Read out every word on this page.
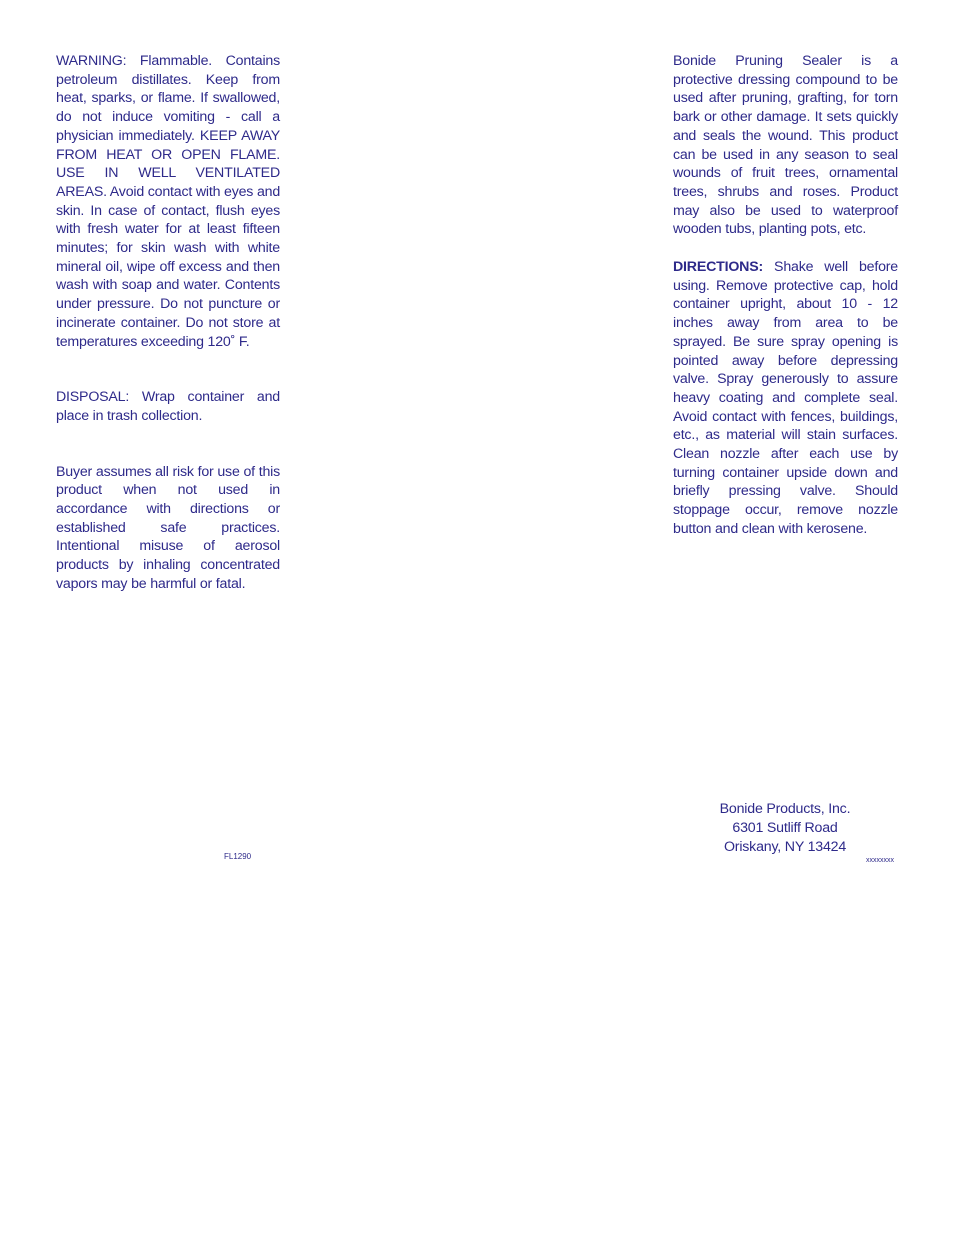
WARNING: Flammable. Contains petroleum distillates. Keep from heat, sparks, or flame. If swallowed, do not induce vomiting - call a physician immediately. KEEP AWAY FROM HEAT OR OPEN FLAME. USE IN WELL VENTILATED AREAS. Avoid contact with eyes and skin. In case of contact, flush eyes with fresh water for at least fifteen minutes; for skin wash with white mineral oil, wipe off excess and then wash with soap and water. Contents under pressure. Do not puncture or incinerate container. Do not store at temperatures exceeding 120˚ F.

DISPOSAL: Wrap container and place in trash collection.

Buyer assumes all risk for use of this product when not used in accordance with directions or established safe practices. Intentional misuse of aerosol products by inhaling concentrated vapors may be harmful or fatal.

Bonide Pruning Sealer is a protective dressing compound to be used after pruning, grafting, for torn bark or other damage. It sets quickly and seals the wound. This product can be used in any season to seal wounds of fruit trees, ornamental trees, shrubs and roses. Product may also be used to waterproof wooden tubs, planting pots, etc.

DIRECTIONS: Shake well before using. Remove protective cap, hold container upright, about 10 - 12 inches away from area to be sprayed. Be sure spray opening is pointed away before depressing valve. Spray generously to assure heavy coating and complete seal. Avoid contact with fences, buildings, etc., as material will stain surfaces. Clean nozzle after each use by turning container upside down and briefly pressing valve. Should stoppage occur, remove nozzle button and clean with kerosene.

Bonide Products, Inc.
6301 Sutliff Road
Oriskany, NY 13424
FL1290	xxxxxxxx
